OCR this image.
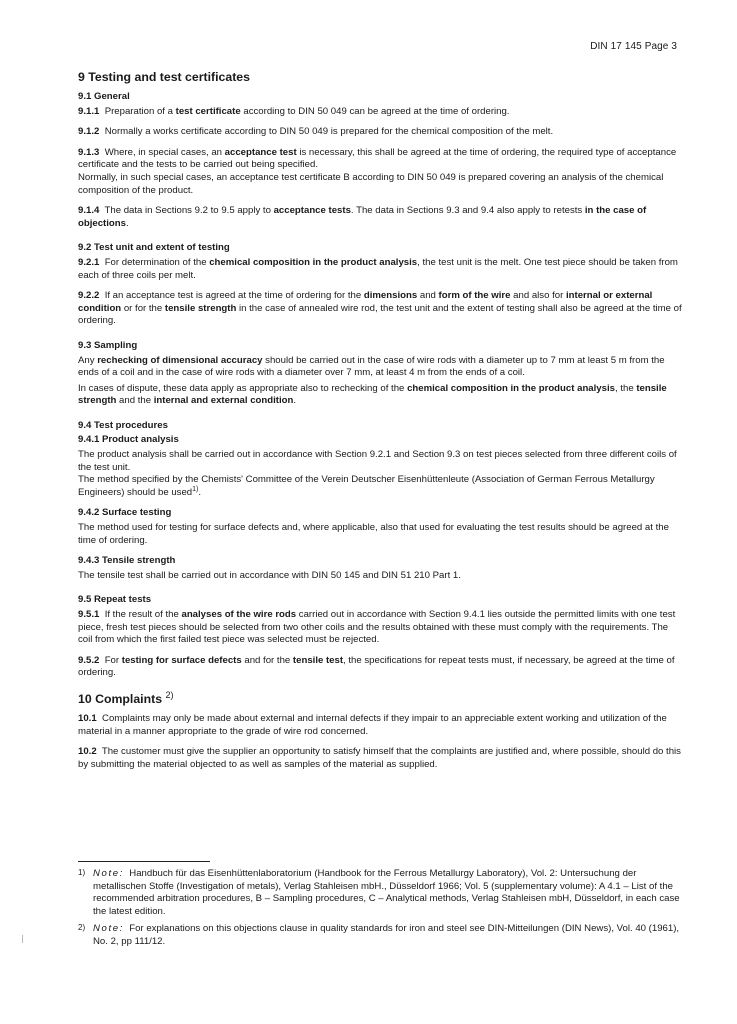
DIN 17 145 Page 3
9 Testing and test certificates
9.1 General

9.1.1 Preparation of a test certificate according to DIN 50 049 can be agreed at the time of ordering.

9.1.2 Normally a works certificate according to DIN 50 049 is prepared for the chemical composition of the melt.

9.1.3 Where, in special cases, an acceptance test is necessary, this shall be agreed at the time of ordering, the required type of acceptance certificate and the tests to be carried out being specified.

Normally, in such special cases, an acceptance test certificate B according to DIN 50 049 is prepared covering an analysis of the chemical composition of the product.

9.1.4 The data in Sections 9.2 to 9.5 apply to acceptance tests. The data in Sections 9.3 and 9.4 also apply to retests in the case of objections.

9.2 Test unit and extent of testing

9.2.1 For determination of the chemical composition in the product analysis, the test unit is the melt. One test piece should be taken from each of three coils per melt.

9.2.2 If an acceptance test is agreed at the time of ordering for the dimensions and form of the wire and also for internal or external condition or for the tensile strength in the case of annealed wire rod, the test unit and the extent of testing shall also be agreed at the time of ordering.

9.3 Sampling

Any rechecking of dimensional accuracy should be carried out in the case of wire rods with a diameter up to 7 mm at least 5 m from the ends of a coil and in the case of wire rods with a diameter over 7 mm, at least 4 m from the ends of a coil.

In cases of dispute, these data apply as appropriate also to rechecking of the chemical composition in the product analysis, the tensile strength and the internal and external condition.

9.4 Test procedures
9.4.1 Product analysis

The product analysis shall be carried out in accordance with Section 9.2.1 and Section 9.3 on test pieces selected from three different coils of the test unit.

The method specified by the Chemists' Committee of the Verein Deutscher Eisenhüttenleute (Association of German Ferrous Metallurgy Engineers) should be used$^{1)}$.

9.4.2 Surface testing

The method used for testing for surface defects and, where applicable, also that used for evaluating the test results should be agreed at the time of ordering.

9.4.3 Tensile strength

The tensile test shall be carried out in accordance with DIN 50 145 and DIN 51 210 Part 1.

9.5 Repeat tests

9.5.1 If the result of the analyses of the wire rods carried out in accordance with Section 9.4.1 lies outside the permitted limits with one test piece, fresh test pieces should be selected from two other coils and the results obtained with these must comply with the requirements. The coil from which the first failed test piece was selected must be rejected.

9.5.2 For testing for surface defects and for the tensile test, the specifications for repeat tests must, if necessary, be agreed at the time of ordering.

10 Complaints $^{2)}$

10.1 Complaints may only be made about external and internal defects if they impair to an appreciable extent working and utilization of the material in a manner appropriate to the grade of wire rod concerned.

10.2 The customer must give the supplier an opportunity to satisfy himself that the complaints are justified and, where possible, should do this by submitting the material objected to as well as samples of the material as supplied.

1) Note: Handbuch für das Eisenhüttenlaboratorium (Handbook for the Ferrous Metallurgy Laboratory), Vol. 2: Untersuchung der metallischen Stoffe (Investigation of metals), Verlag Stahleisen mbH., Düsseldorf 1966; Vol. 5 (supplementary volume): A 4.1 – List of the recommended arbitration procedures, B – Sampling procedures, C – Analytical methods, Verlag Stahleisen mbH, Düsseldorf, in each case the latest edition.
2) Note: For explanations on this objections clause in quality standards for iron and steel see DIN-Mitteilungen (DIN News), Vol. 40 (1961), No. 2, pp 111/12.
